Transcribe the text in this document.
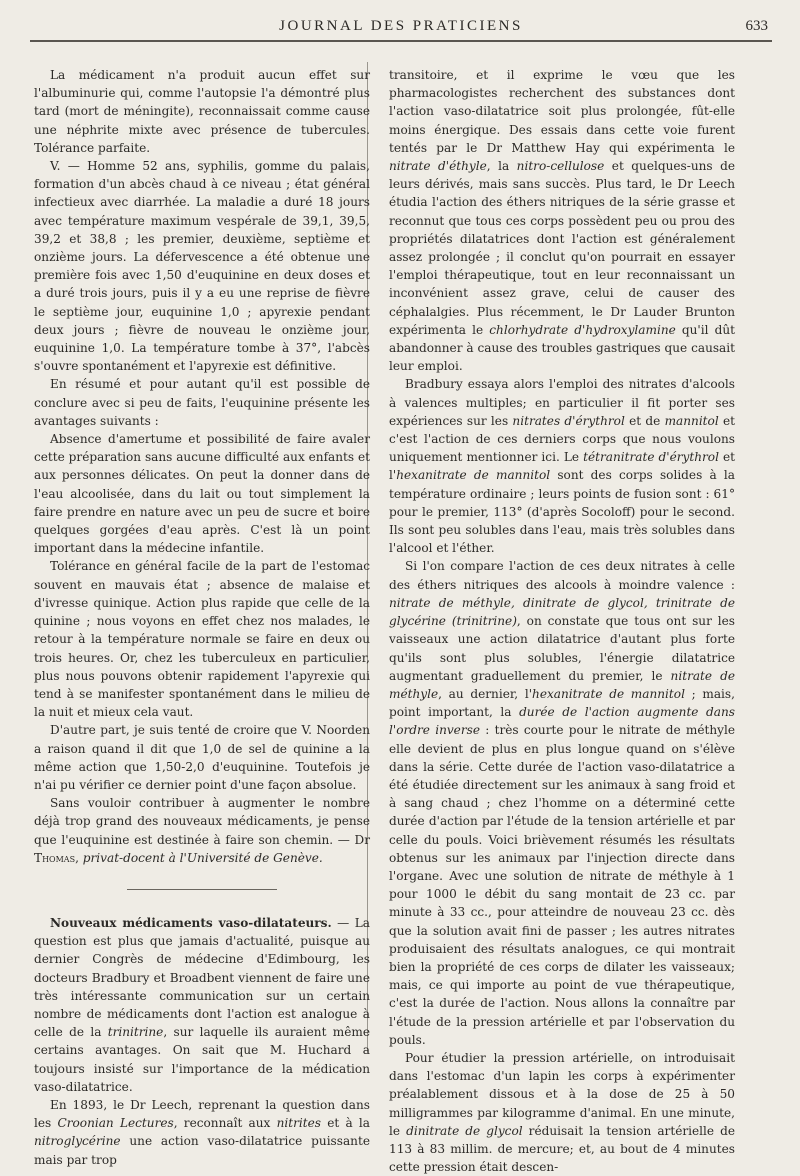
JOURNAL DES PRATICIENS	633

La médicament n'a produit aucun effet sur l'albuminurie qui, comme l'autopsie l'a démontré plus tard (mort de méningite), reconnaissait comme cause une néphrite mixte avec présence de tubercules. Tolérance parfaite.

V. — Homme 52 ans, syphilis, gomme du palais, formation d'un abcès chaud à ce niveau ; état général infectieux avec diarrhée. La maladie a duré 18 jours avec température maximum vespérale de 39,1, 39,5, 39,2 et 38,8 ; les premier, deuxième, septième et onzième jours. La défervescence a été obtenue une première fois avec 1,50 d'euquinine en deux doses et a duré trois jours, puis il y a eu une reprise de fièvre le septième jour, euquinine 1,0 ; apyrexie pendant deux jours ; fièvre de nouveau le onzième jour, euquinine 1,0. La température tombe à 37°, l'abcès s'ouvre spontanément et l'apyrexie est définitive.

En résumé et pour autant qu'il est possible de conclure avec si peu de faits, l'euquinine présente les avantages suivants :

Absence d'amertume et possibilité de faire avaler cette préparation sans aucune difficulté aux enfants et aux personnes délicates. On peut la donner dans de l'eau alcoolisée, dans du lait ou tout simplement la faire prendre en nature avec un peu de sucre et boire quelques gorgées d'eau après. C'est là un point important dans la médecine infantile.

Tolérance en général facile de la part de l'estomac souvent en mauvais état ; absence de malaise et d'ivresse quinique. Action plus rapide que celle de la quinine ; nous voyons en effet chez nos malades, le retour à la température normale se faire en deux ou trois heures. Or, chez les tuberculeux en particulier, plus nous pouvons obtenir rapidement l'apyrexie qui tend à se manifester spontanément dans le milieu de la nuit et mieux cela vaut.

D'autre part, je suis tenté de croire que V. Noorden a raison quand il dit que 1,0 de sel de quinine a la même action que 1,50-2,0 d'euquinine. Toutefois je n'ai pu vérifier ce dernier point d'une façon absolue.

Sans vouloir contribuer à augmenter le nombre déjà trop grand des nouveaux médicaments, je pense que l'euquinine est destinée à faire son chemin. — Dr Thomas, privat-docent à l'Université de Genève.

Nouveaux médicaments vaso-dilatateurs. — La question est plus que jamais d'actualité, puisque au dernier Congrès de médecine d'Edimbourg, les docteurs Bradbury et Broadbent viennent de faire une très intéressante communication sur un certain nombre de médicaments dont l'action est analogue à celle de la trinitrine, sur laquelle ils auraient même certains avantages. On sait que M. Huchard a toujours insisté sur l'importance de la médication vaso-dilatatrice.

En 1893, le Dr Leech, reprenant la question dans les Croonian Lectures, reconnaît aux nitrites et à la nitroglycérine une action vaso-dilatatrice puissante mais par trop

transitoire, et il exprime le vœu que les pharmacologistes recherchent des substances dont l'action vaso-dilatatrice soit plus prolongée, fût-elle moins énergique. Des essais dans cette voie furent tentés par le Dr Matthew Hay qui expérimenta le nitrate d'éthyle, la nitro-cellulose et quelques-uns de leurs dérivés, mais sans succès. Plus tard, le Dr Leech étudia l'action des éthers nitriques de la série grasse et reconnut que tous ces corps possèdent peu ou prou des propriétés dilatatrices dont l'action est généralement assez prolongée ; il conclut qu'on pourrait en essayer l'emploi thérapeutique, tout en leur reconnaissant un inconvénient assez grave, celui de causer des céphalalgies. Plus récemment, le Dr Lauder Brunton expérimenta le chlorhydrate d'hydroxylamine qu'il dût abandonner à cause des troubles gastriques que causait leur emploi.

Bradbury essaya alors l'emploi des nitrates d'alcools à valences multiples; en particulier il fit porter ses expériences sur les nitrates d'érythrol et de mannitol et c'est l'action de ces derniers corps que nous voulons uniquement mentionner ici. Le tétranitrate d'érythrol et l'hexanitrate de mannitol sont des corps solides à la température ordinaire ; leurs points de fusion sont : 61° pour le premier, 113° (d'après Socoloff) pour le second. Ils sont peu solubles dans l'eau, mais très solubles dans l'alcool et l'éther.

Si l'on compare l'action de ces deux nitrates à celle des éthers nitriques des alcools à moindre valence : nitrate de méthyle, dinitrate de glycol, trinitrate de glycérine (trinitrine), on constate que tous ont sur les vaisseaux une action dilatatrice d'autant plus forte qu'ils sont plus solubles, l'énergie dilatatrice augmentant graduellement du premier, le nitrate de méthyle, au dernier, l'hexanitrate de mannitol ; mais, point important, la durée de l'action augmente dans l'ordre inverse : très courte pour le nitrate de méthyle elle devient de plus en plus longue quand on s'élève dans la série. Cette durée de l'action vaso-dilatatrice a été étudiée directement sur les animaux à sang froid et à sang chaud ; chez l'homme on a déterminé cette durée d'action par l'étude de la tension artérielle et par celle du pouls. Voici brièvement résumés les résultats obtenus sur les animaux par l'injection directe dans l'organe. Avec une solution de nitrate de méthyle à 1 pour 1000 le débit du sang montait de 23 cc. par minute à 33 cc., pour atteindre de nouveau 23 cc. dès que la solution avait fini de passer ; les autres nitrates produisaient des résultats analogues, ce qui montrait bien la propriété de ces corps de dilater les vaisseaux; mais, ce qui importe au point de vue thérapeutique, c'est la durée de l'action. Nous allons la connaître par l'étude de la pression artérielle et par l'observation du pouls.

Pour étudier la pression artérielle, on introduisait dans l'estomac d'un lapin les corps à expérimenter préalablement dissous et à la dose de 25 à 50 milligrammes par kilogramme d'animal. En une minute, le dinitrate de glycol réduisait la tension artérielle de 113 à 83 millim. de mercure; et, au bout de 4 minutes cette pression était descen-
